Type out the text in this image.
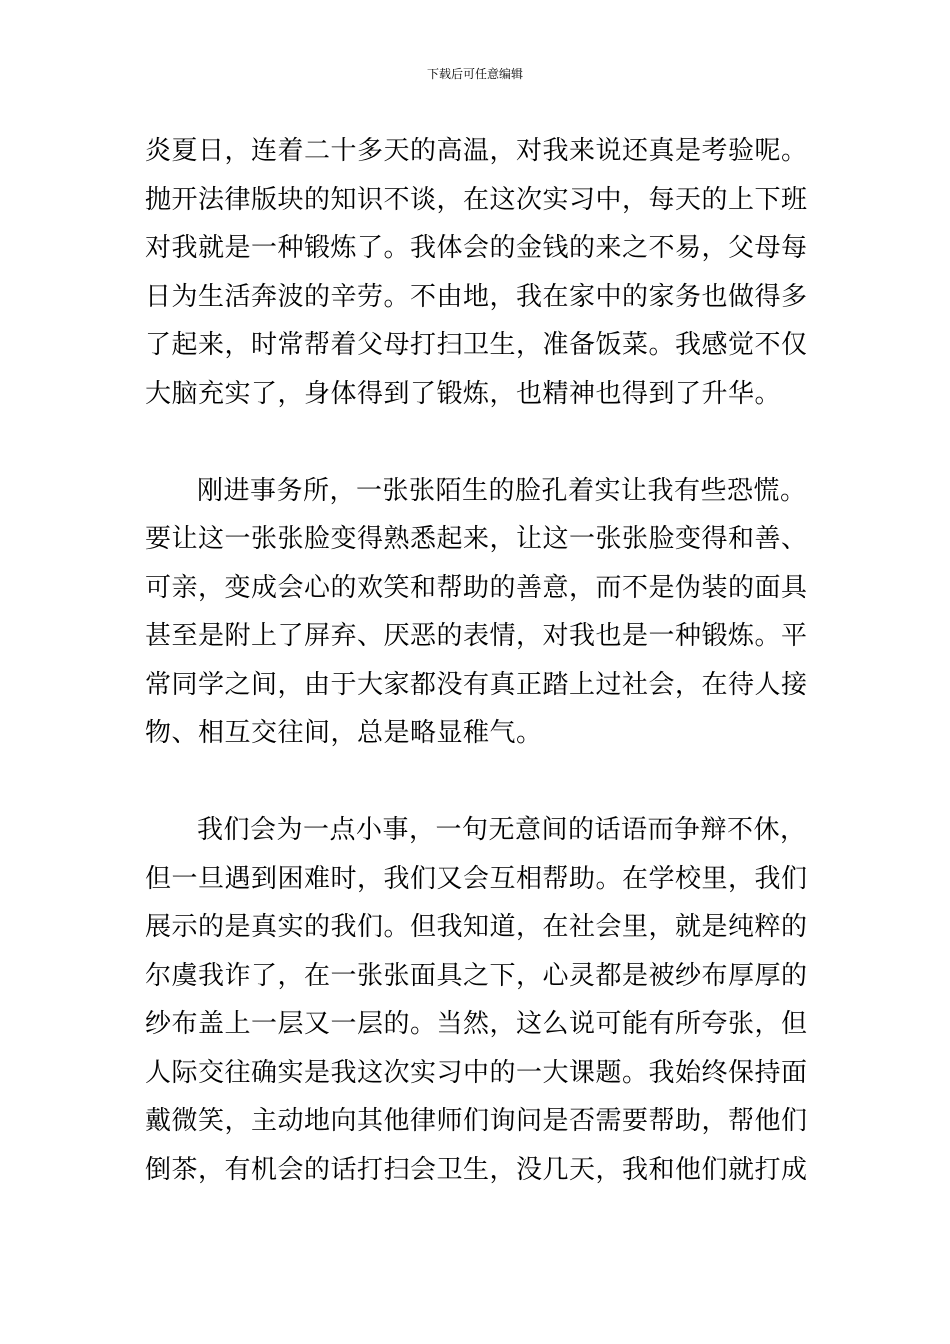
下载后可任意编辑
炎夏日，连着二十多天的高温，对我来说还真是考验呢。
抛开法律版块的知识不谈，在这次实习中，每天的上下班
对我就是一种锻炼了。我体会的金钱的来之不易，父母每
日为生活奔波的辛劳。不由地，我在家中的家务也做得多
了起来，时常帮着父母打扫卫生，准备饭菜。我感觉不仅
大脑充实了，身体得到了锻炼，也精神也得到了升华。
刚进事务所，一张张陌生的脸孔着实让我有些恐慌。
要让这一张张脸变得熟悉起来，让这一张张脸变得和善、
可亲，变成会心的欢笑和帮助的善意，而不是伪装的面具
甚至是附上了屏弃、厌恶的表情，对我也是一种锻炼。平
常同学之间，由于大家都没有真正踏上过社会，在待人接
物、相互交往间，总是略显稚气。
我们会为一点小事，一句无意间的话语而争辩不休，
但一旦遇到困难时，我们又会互相帮助。在学校里，我们
展示的是真实的我们。但我知道，在社会里，就是纯粹的
尔虞我诈了，在一张张面具之下，心灵都是被纱布厚厚的
纱布盖上一层又一层的。当然，这么说可能有所夸张，但
人际交往确实是我这次实习中的一大课题。我始终保持面
戴微笑，主动地向其他律师们询问是否需要帮助，帮他们
倒茶，有机会的话打扫会卫生，没几天，我和他们就打成
